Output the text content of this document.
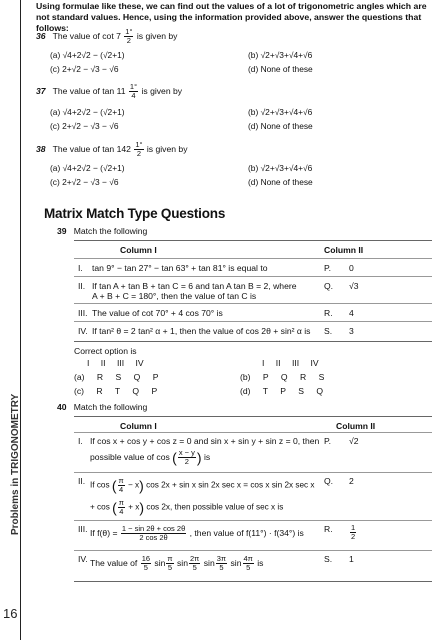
Problems in TRIGONOMETRY
16
Using formulae like these, we can find out the values of a lot of trigonometric angles which are not standard values. Hence, using the information provided above, answer the questions that follows:
36 The value of $\cot 7 \frac{1^\circ}{2}$ is given by
(a) √4+2√2 − (√2+1)	(b) √2+√3+√4+√6
(c) 2+√2 − √3 − √6	(d) None of these
37 The value of $\tan 11 \frac{1^\circ}{4}$ is given by
(a) √4+2√2 − (√2+1)	(b) √2+√3+√4+√6
(c) 2+√2 − √3 − √6	(d) None of these
38 The value of $\tan 142 \frac{1^\circ}{2}$ is given by
(a) √4+2√2 − (√2+1)	(b) √2+√3+√4+√6
(c) 2+√2 − √3 − √6	(d) None of these
Matrix Match Type Questions
39 Match the following
Column I	Column II
I. tan 9° − tan 27° − tan 63° + tan 81° is equal to	P. 0
II. If tan A + tan B + tan C = 6 and tan A tan B = 2, where
A + B + C = 180°, then the value of tan C is
Q. √3
III. The value of cot 70° + 4 cos 70° is	R. 4
IV. If tan² θ = 2 tan² α + 1, then the value of cos 2θ + sin² α is S. 3
Correct option is
I II III IV	I II III IV
(a) R S Q P	(b) P Q R S
(c) R T Q P	(d) T P S Q
40 Match the following
Column I	Column II
I. If cos x + cos y + cos z = 0 and sin x + sin y + sin z = 0, then
possible value of cos ( $\frac{x - y}{2}$ ) is
P. √2
II. If cos ( $\frac{\pi}{4} - x$) cos 2x + sin x sin 2x sec x = cos x sin 2x sec x
+ cos ( $\frac{\pi}{4} + x$) cos 2x, then possible value of sec x is
Q. 2
III. If $f(\theta) = \frac{1 - \sin 2\theta + \cos 2\theta}{2 \cos 2\theta}$ , then value of f(11°) · f(34°) is R. $\frac{1}{2}$
IV. The value of $\frac{16}{5}$ $\sin \frac{\pi}{5}$ $\sin \frac{2\pi}{5}$ $\sin \frac{3\pi}{5}$ $\sin \frac{4\pi}{5}$ is	S. 1
